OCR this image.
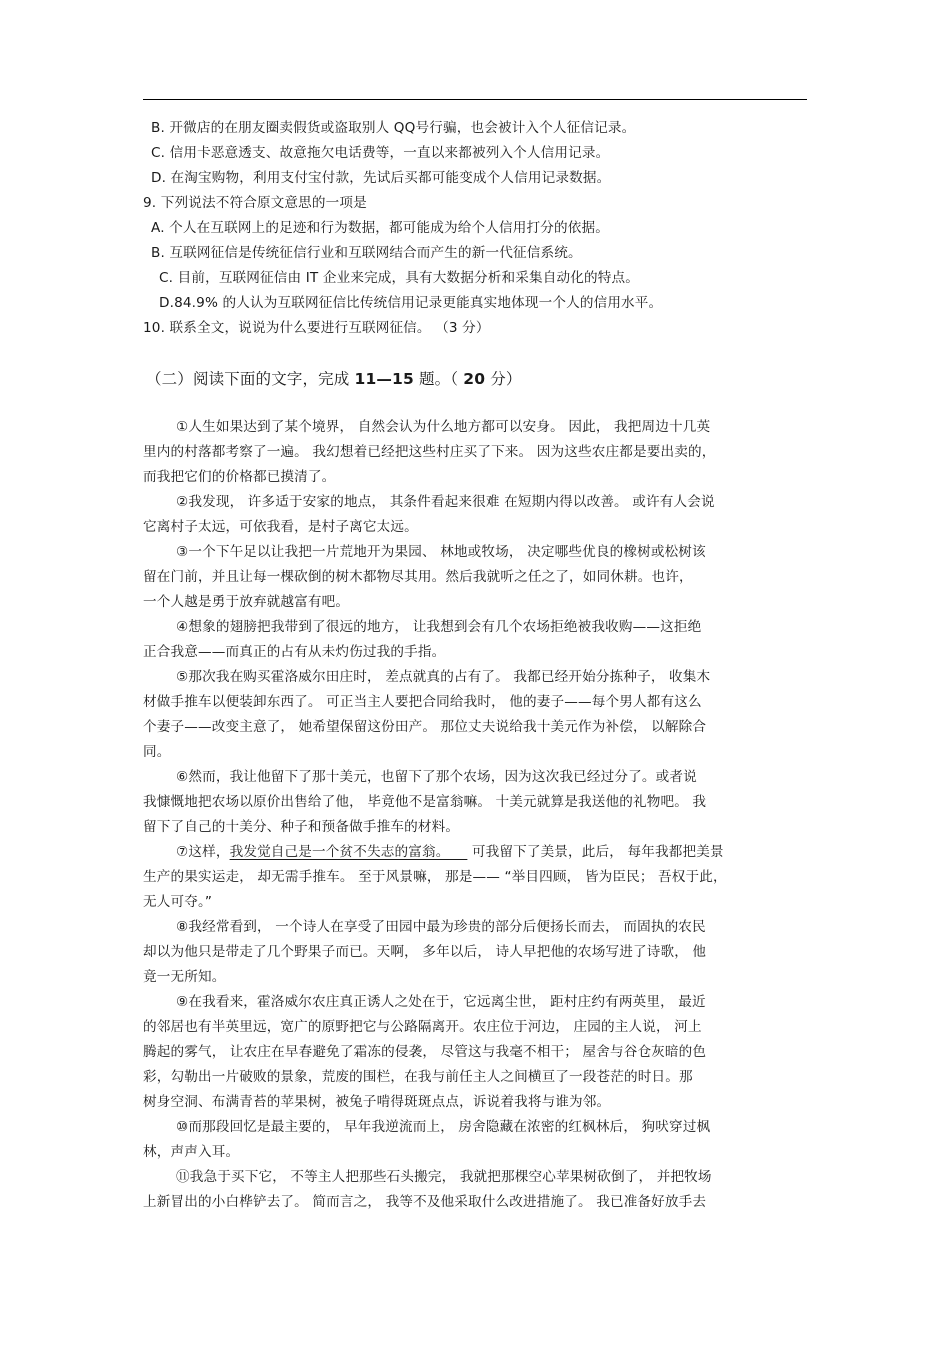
B. 开微店的在朋友圈卖假货或盗取别人 QQ号行骗，也会被计入个人征信记录。
C. 信用卡恶意透支、故意拖欠电话费等，一直以来都被列入个人信用记录。
D. 在淘宝购物，利用支付宝付款，先试后买都可能变成个人信用记录数据。
9. 下列说法不符合原文意思的一项是
A. 个人在互联网上的足迹和行为数据，都可能成为给个人信用打分的依据。
B. 互联网征信是传统征信行业和互联网结合而产生的新一代征信系统。
C. 目前，互联网征信由 IT 企业来完成，具有大数据分析和采集自动化的特点。
D.84.9% 的人认为互联网征信比传统信用记录更能真实地体现一个人的信用水平。
10. 联系全文，说说为什么要进行互联网征信。 （3 分）
（二）阅读下面的文字，完成 11—15 题。（ 20 分）
①人生如果达到了某个境界， 自然会认为什么地方都可以安身。 因此， 我把周边十几英
里内的村落都考察了一遍。 我幻想着已经把这些村庄买了下来。 因为这些农庄都是要出卖的，
而我把它们的价格都已摸清了。
②我发现， 许多适于安家的地点， 其条件看起来很难 在短期内得以改善。 或许有人会说
它离村子太远，可依我看，是村子离它太远。
③一个下午足以让我把一片荒地开为果园、 林地或牧场， 决定哪些优良的橡树或松树该
留在门前，并且让每一棵砍倒的树木都物尽其用。然后我就听之任之了，如同休耕。也许，
一个人越是勇于放弃就越富有吧。
④想象的翅膀把我带到了很远的地方， 让我想到会有几个农场拒绝被我收购——这拒绝
正合我意——而真正的占有从未灼伤过我的手指。
⑤那次我在购买霍洛威尔田庄时， 差点就真的占有了。 我都已经开始分拣种子， 收集木
材做手推车以便装卸东西了。 可正当主人要把合同给我时， 他的妻子——每个男人都有这么
个妻子——改变主意了， 她希望保留这份田产。 那位丈夫说给我十美元作为补偿， 以解除合
同。
⑥然而，我让他留下了那十美元，也留下了那个农场，因为这次我已经过分了。或者说
我慷慨地把农场以原价出售给了他， 毕竟他不是富翁嘛。 十美元就算是我送他的礼物吧。 我
留下了自己的十美分、种子和预备做手推车的材料。
⑦这样，我发觉自己是一个贫不失志的富翁。     可我留下了美景，此后， 每年我都把美景
生产的果实运走， 却无需手推车。 至于风景嘛， 那是—— “举目四顾， 皆为臣民； 吾权于此，
无人可夺。”
⑧我经常看到， 一个诗人在享受了田园中最为珍贵的部分后便扬长而去， 而固执的农民
却以为他只是带走了几个野果子而已。天啊， 多年以后， 诗人早把他的农场写进了诗歌， 他
竟一无所知。
⑨在我看来，霍洛威尔农庄真正诱人之处在于，它远离尘世， 距村庄约有两英里， 最近
的邻居也有半英里远，宽广的原野把它与公路隔离开。农庄位于河边， 庄园的主人说， 河上
腾起的雾气， 让农庄在早春避免了霜冻的侵袭， 尽管这与我毫不相干； 屋舍与谷仓灰暗的色
彩，勾勒出一片破败的景象，荒废的围栏，在我与前任主人之间横亘了一段苍茫的时日。那
树身空洞、布满青苔的苹果树，被兔子啃得斑斑点点，诉说着我将与谁为邻。
⑩而那段回忆是最主要的， 早年我逆流而上， 房舍隐藏在浓密的红枫林后， 狗吠穿过枫
林，声声入耳。
⑪我急于买下它， 不等主人把那些石头搬完， 我就把那棵空心苹果树砍倒了， 并把牧场
上新冒出的小白桦铲去了。 简而言之， 我等不及他采取什么改进措施了。 我已准备好放手去
